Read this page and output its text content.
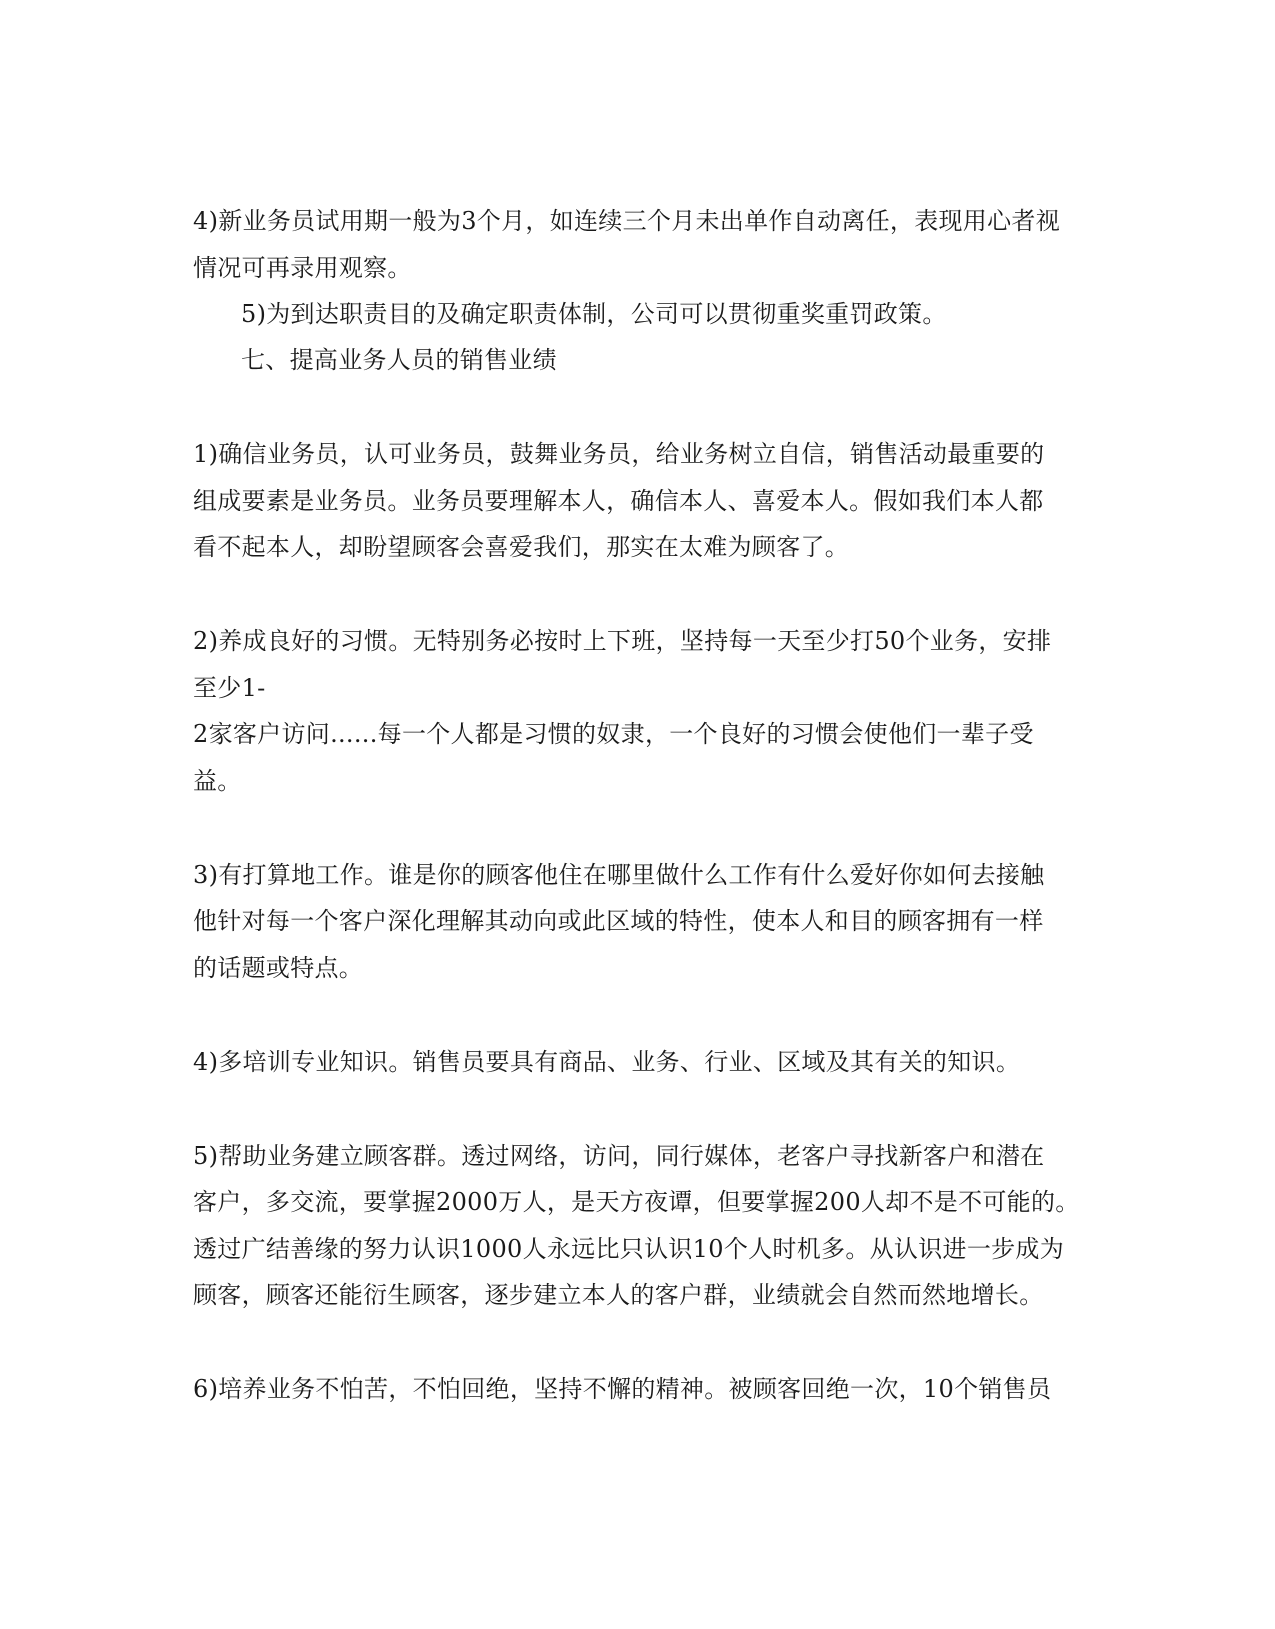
4)新业务员试用期一般为3个月，如连续三个月未出单作自动离任，表现用心者视
情况可再录用观察。
5)为到达职责目的及确定职责体制，公司可以贯彻重奖重罚政策。
七、提高业务人员的销售业绩
1)确信业务员，认可业务员，鼓舞业务员，给业务树立自信，销售活动最重要的
组成要素是业务员。业务员要理解本人，确信本人、喜爱本人。假如我们本人都
看不起本人，却盼望顾客会喜爱我们，那实在太难为顾客了。
2)养成良好的习惯。无特别务必按时上下班，坚持每一天至少打50个业务，安排
至少1-
2家客户访问......每一个人都是习惯的奴隶，一个良好的习惯会使他们一辈子受
益。
3)有打算地工作。谁是你的顾客他住在哪里做什么工作有什么爱好你如何去接触
他针对每一个客户深化理解其动向或此区域的特性，使本人和目的顾客拥有一样
的话题或特点。
4)多培训专业知识。销售员要具有商品、业务、行业、区域及其有关的知识。
5)帮助业务建立顾客群。透过网络，访问，同行媒体，老客户寻找新客户和潜在
客户，多交流，要掌握2000万人，是天方夜谭，但要掌握200人却不是不可能的。
透过广结善缘的努力认识1000人永远比只认识10个人时机多。从认识进一步成为
顾客，顾客还能衍生顾客，逐步建立本人的客户群，业绩就会自然而然地增长。
6)培养业务不怕苦，不怕回绝，坚持不懈的精神。被顾客回绝一次，10个销售员
